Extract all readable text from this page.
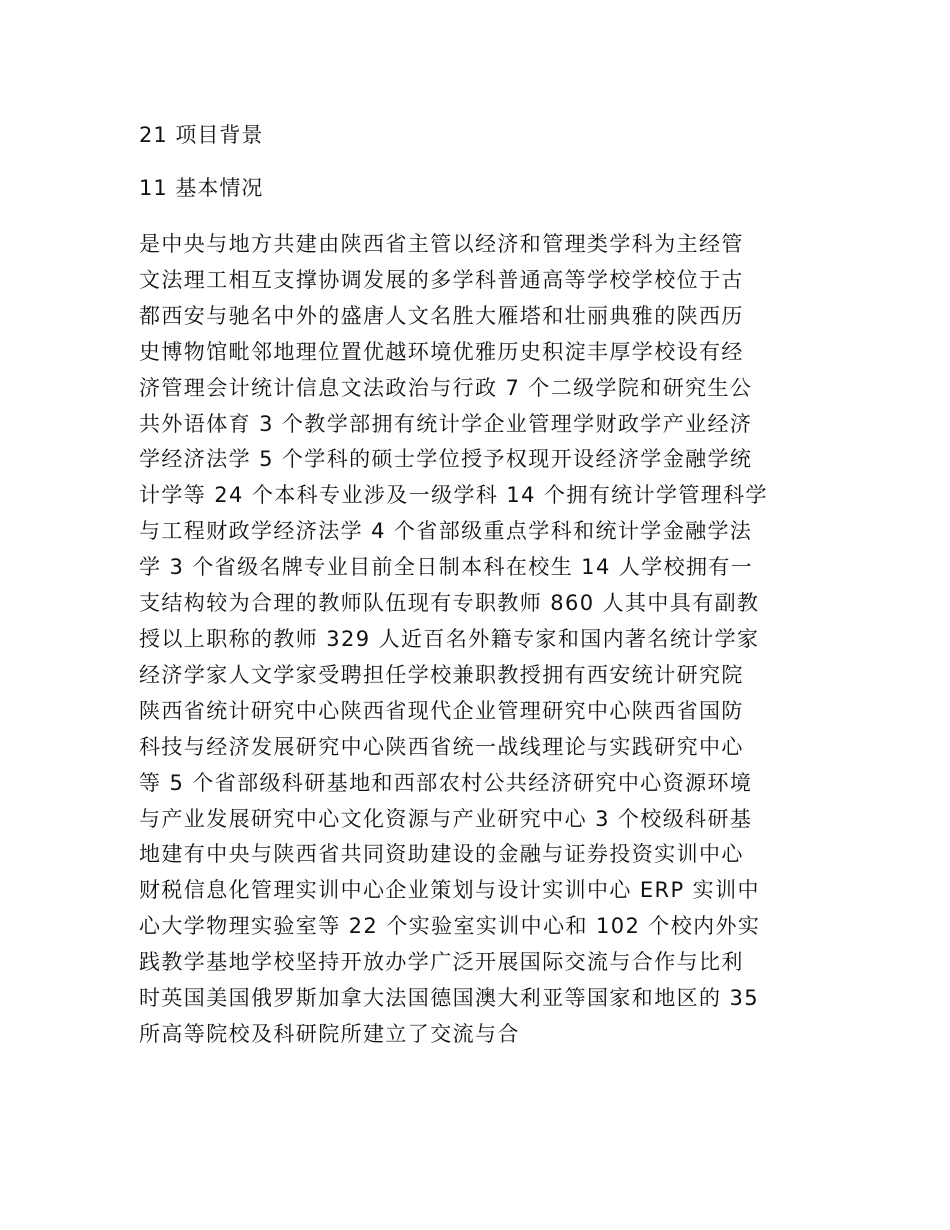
21 项目背景
11 基本情况
是中央与地方共建由陕西省主管以经济和管理类学科为主经管
文法理工相互支撑协调发展的多学科普通高等学校学校位于古
都西安与驰名中外的盛唐人文名胜大雁塔和壮丽典雅的陕西历
史博物馆毗邻地理位置优越环境优雅历史积淀丰厚学校设有经
济管理会计统计信息文法政治与行政 7 个二级学院和研究生公
共外语体育 3 个教学部拥有统计学企业管理学财政学产业经济
学经济法学 5 个学科的硕士学位授予权现开设经济学金融学统
计学等 24 个本科专业涉及一级学科 14 个拥有统计学管理科学
与工程财政学经济法学 4 个省部级重点学科和统计学金融学法
学 3 个省级名牌专业目前全日制本科在校生 14 人学校拥有一
支结构较为合理的教师队伍现有专职教师 860 人其中具有副教
授以上职称的教师 329 人近百名外籍专家和国内著名统计学家
经济学家人文学家受聘担任学校兼职教授拥有西安统计研究院
陕西省统计研究中心陕西省现代企业管理研究中心陕西省国防
科技与经济发展研究中心陕西省统一战线理论与实践研究中心
等 5 个省部级科研基地和西部农村公共经济研究中心资源环境
与产业发展研究中心文化资源与产业研究中心 3 个校级科研基
地建有中央与陕西省共同资助建设的金融与证券投资实训中心
财税信息化管理实训中心企业策划与设计实训中心 ERP 实训中
心大学物理实验室等 22 个实验室实训中心和 102 个校内外实
践教学基地学校坚持开放办学广泛开展国际交流与合作与比利
时英国美国俄罗斯加拿大法国德国澳大利亚等国家和地区的 35
所高等院校及科研院所建立了交流与合
